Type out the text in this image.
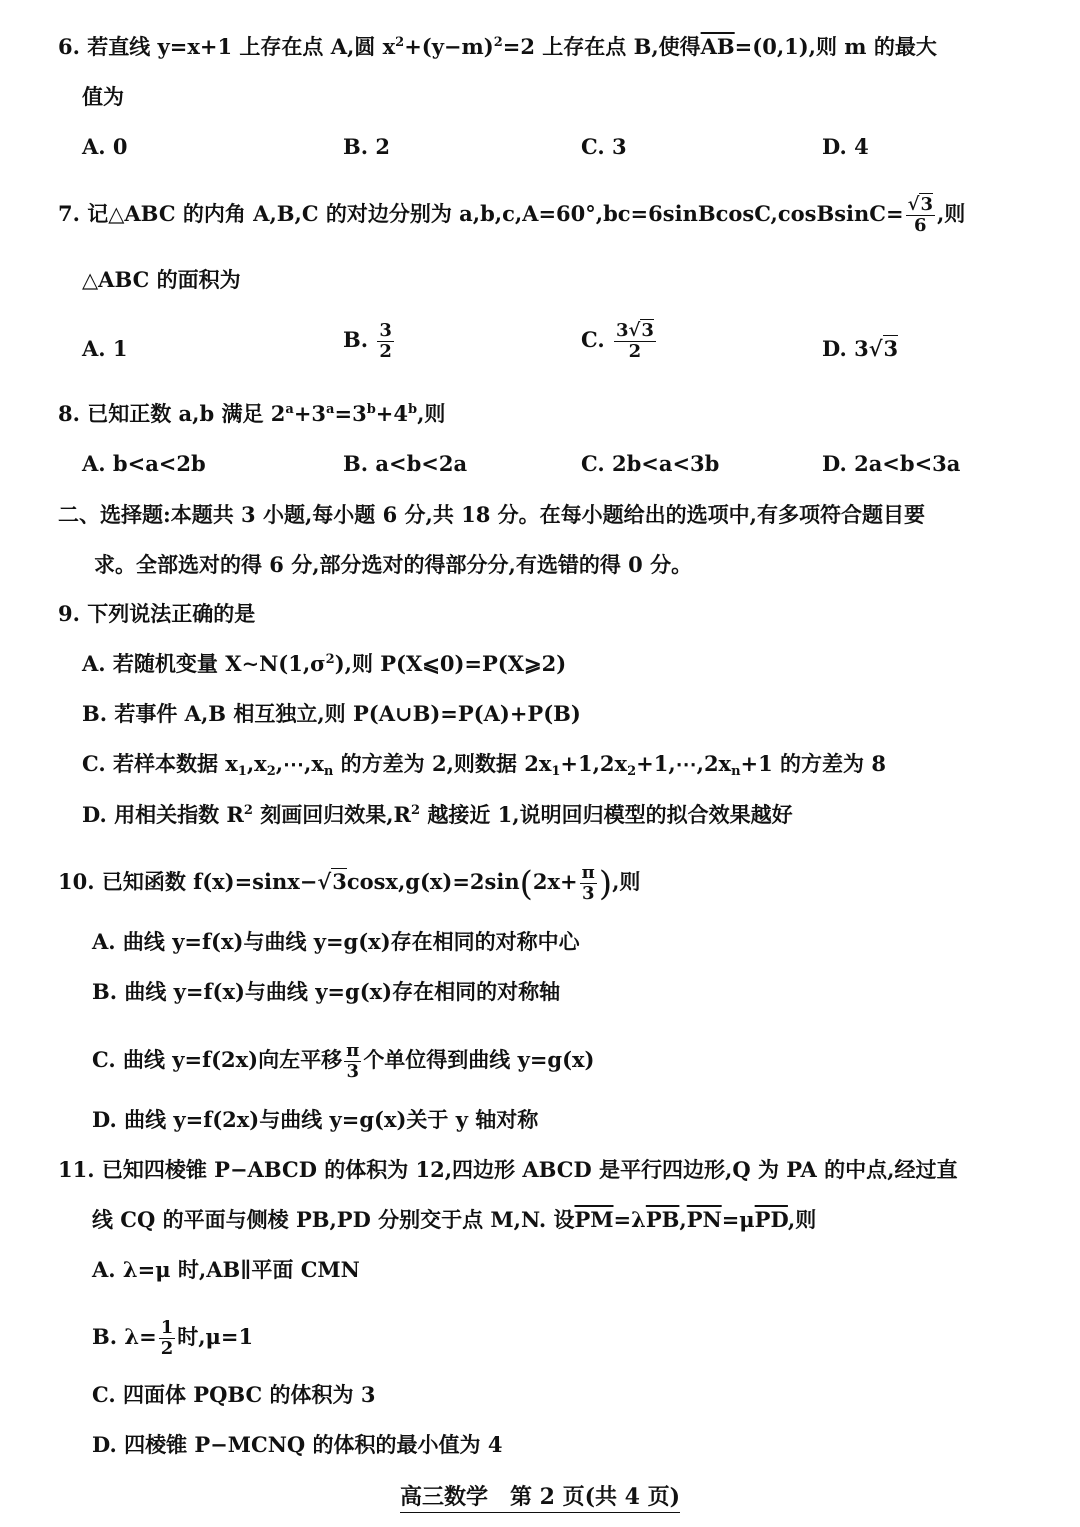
6. 若直线 y=x+1 上存在点 A,圆 $x^2+(y-m)^2=2$ 上存在点 B,使得$\overline{AB}=(0,1)$,则 m 的最大
值为
A. 0	B. 2	C. 3	D. 4
7. 记△ABC 的内角 A,B,C 的对边分别为 a,b,c,A=60°,bc=6sinBcosC,cosBsinC= $\frac{√3}{6}$ ,则
△ABC 的面积为
A. 1	B. $\frac{3}{2}$	C. $\frac{3√3}{2}$	D. 3√3
8. 已知正数 a,b 满足 $2^a+3^a=3^b+4^b$,则
A. b<a<2b	B. a<b<2a	C. 2b<a<3b	D. 2a<b<3a
二、选择题:本题共 3 小题,每小题 6 分,共 18 分。在每小题给出的选项中,有多项符合题目要
求。全部选对的得 6 分,部分选对的得部分分,有选错的得 0 分。
9. 下列说法正确的是
A. 若随机变量 $X\sim N(1,\sigma^2)$,则 P(X⩽0)=P(X⩾2)
B. 若事件 A,B 相互独立,则 P(A∪B)=P(A)+P(B)
C. 若样本数据 $x_1,x_2,\cdots,x_n$ 的方差为 2,则数据 $2x_1+1,2x_2+1,\cdots,2x_n+1$ 的方差为 8
D. 用相关指数 $R^2$ 刻画回归效果$,R^2$ 越接近 1,说明回归模型的拟合效果越好
10. 已知函数 $f(x)=\sin x-√3\cos x,g(x)=2\sin(2x+ \frac{\pi}{3}$ ),则
A. 曲线 y=f(x)与曲线 y=g(x)存在相同的对称中心
B. 曲线 y=f(x)与曲线 y=g(x)存在相同的对称轴
C. 曲线 y=f(2x)向左平移 $\frac{\pi}{3}$ 个单位得到曲线 y=g(x)
D. 曲线 y=f(2x)与曲线 y=g(x)关于 y 轴对称
11. 已知四棱锥 P−ABCD 的体积为 12,四边形 ABCD 是平行四边形,Q 为 PA 的中点,经过直
线 CQ 的平面与侧棱 PB,PD 分别交于点 M,N. 设$\overline{PM}=\lambda\overline{PB},\overline{PN}=\mu\overline{PD}$,则
A. λ=μ 时,AB∥平面 CMN
B. $\lambda= \frac{1}{2}$ 时,μ=1
C. 四面体 PQBC 的体积为 3
D. 四棱锥 P−MCNQ 的体积的最小值为 4
高三数学　第 2 页(共 4 页)
